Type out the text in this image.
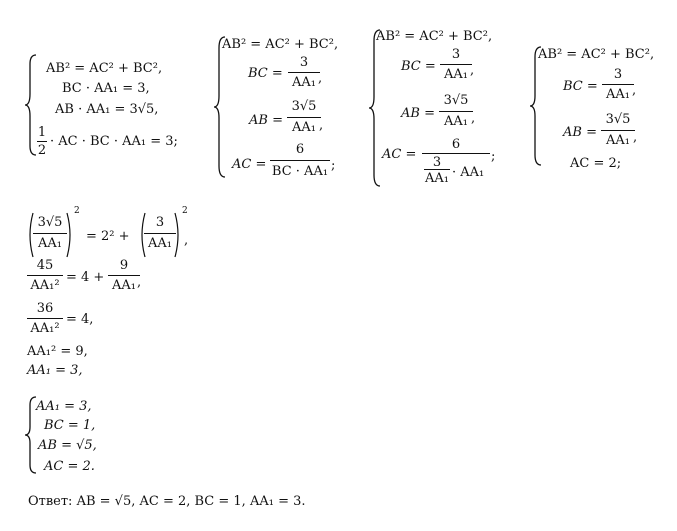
AB² = AC² + BC²,
BC · AA₁ = 3,
AB · AA₁ = 3√5,
1
2
· AC · BC · AA₁ = 3;
AB² = AC² + BC²,
BC =
3
AA₁ ,
AB =
3√5
AA₁ ,
AC =
6
BC · AA₁ ;
AB² = AC² + BC²,
BC =
3
AA₁ ,
AB =
3√5
AA₁ ,
AC =
6
3
AA₁ · AA₁
;
AB² = AC² + BC²,
BC =
3
AA₁ ,
AB =
3√5
AA₁ ,
AC = 2;
3√5
AA₁
2
= 2² +
3
AA₁
2
,
45
AA₁²
= 4 +
9
AA₁ ,
36
AA₁²
= 4,
AA₁² = 9,
AA₁ = 3,
AA₁ = 3,
BC = 1,
AB = √5,
AC = 2.
Ответ: AB = √5, AC = 2, BC = 1, AA₁ = 3.
